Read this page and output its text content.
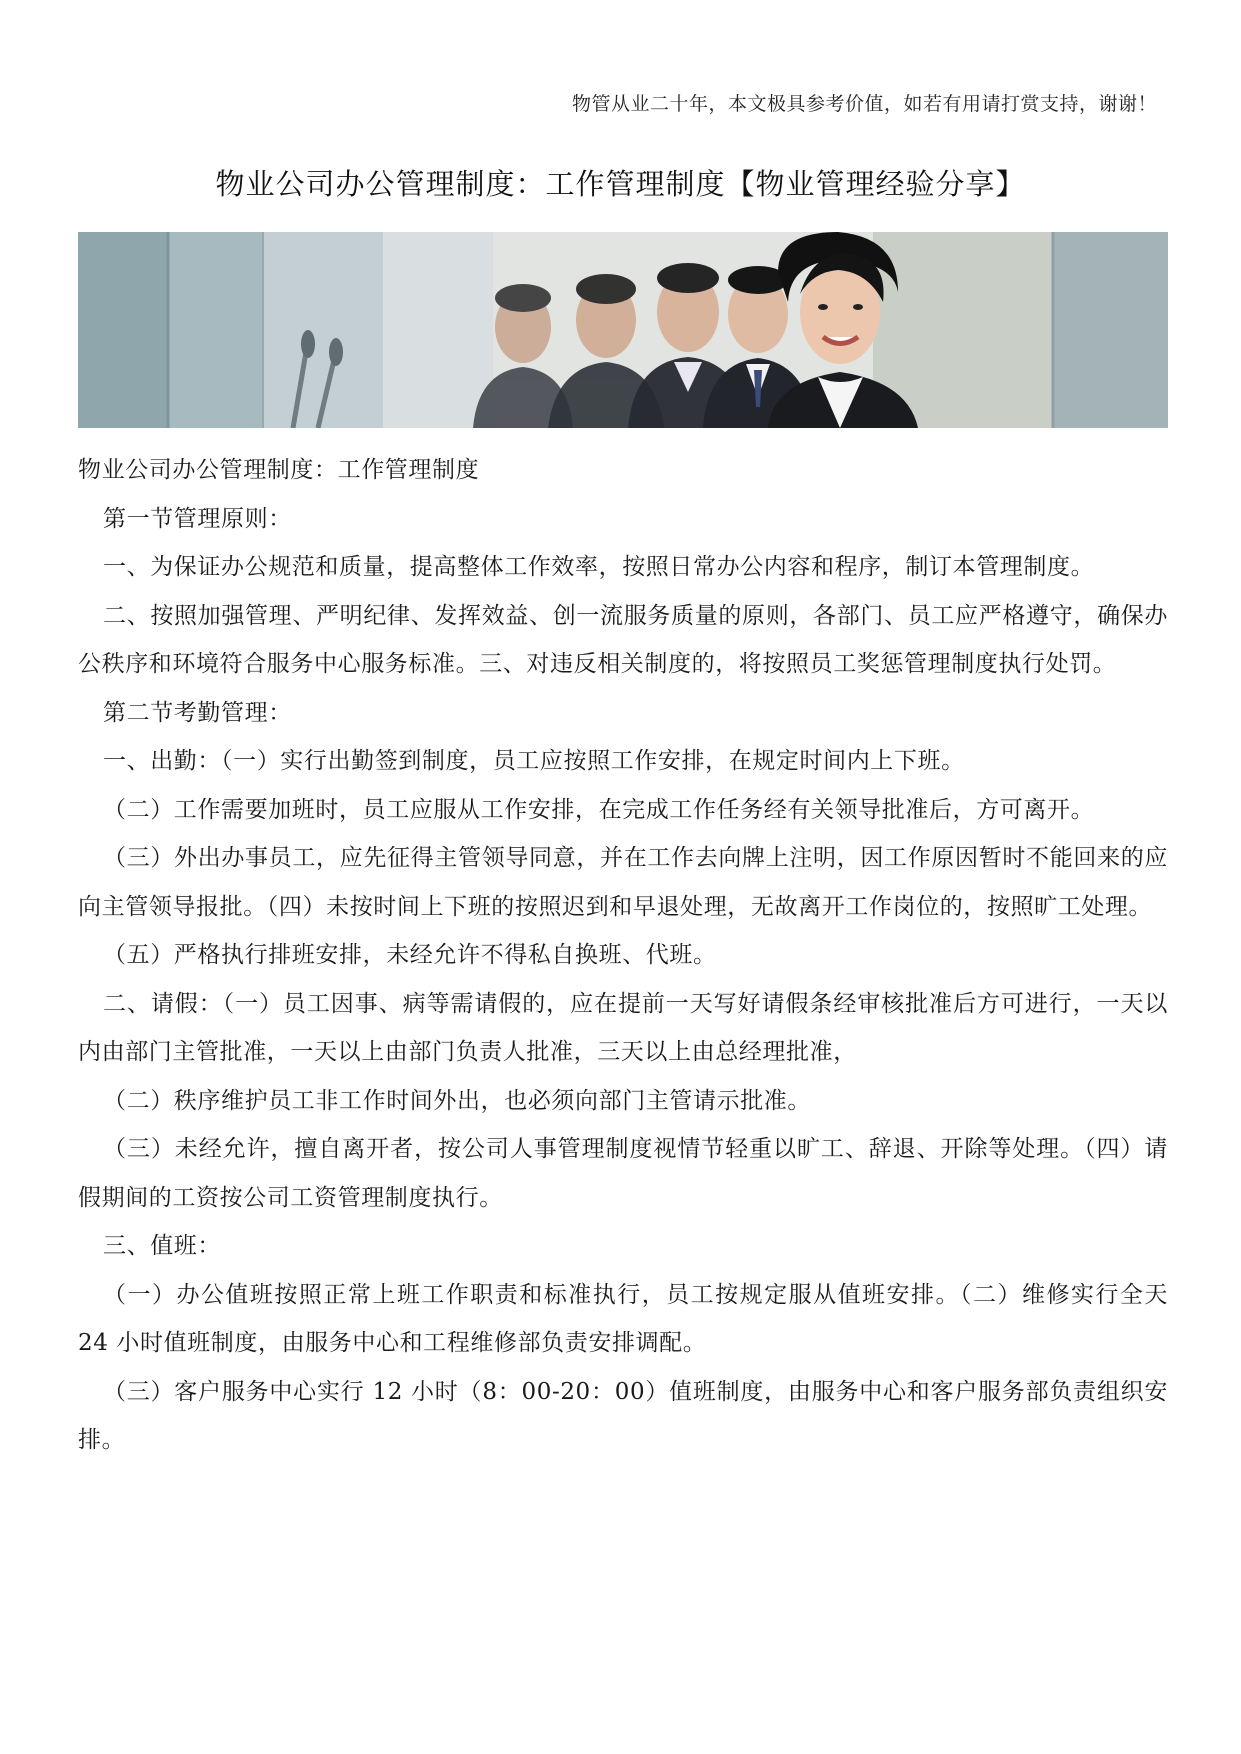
物管从业二十年，本文极具参考价值，如若有用请打赏支持，谢谢！
物业公司办公管理制度：工作管理制度【物业管理经验分享】

物业公司办公管理制度：工作管理制度

第一节管理原则：

一、为保证办公规范和质量，提高整体工作效率，按照日常办公内容和程序，制订本管理制度。

二、按照加强管理、严明纪律、发挥效益、创一流服务质量的原则，各部门、员工应严格遵守，确保办公秩序和环境符合服务中心服务标准。三、对违反相关制度的，将按照员工奖惩管理制度执行处罚。

第二节考勤管理：

一、出勤：（一）实行出勤签到制度，员工应按照工作安排，在规定时间内上下班。

（二）工作需要加班时，员工应服从工作安排，在完成工作任务经有关领导批准后，方可离开。

（三）外出办事员工，应先征得主管领导同意，并在工作去向牌上注明，因工作原因暂时不能回来的应向主管领导报批。（四）未按时间上下班的按照迟到和早退处理，无故离开工作岗位的，按照旷工处理。

（五）严格执行排班安排，未经允许不得私自换班、代班。

二、请假：（一）员工因事、病等需请假的，应在提前一天写好请假条经审核批准后方可进行，一天以内由部门主管批准，一天以上由部门负责人批准，三天以上由总经理批准，

（二）秩序维护员工非工作时间外出，也必须向部门主管请示批准。

（三）未经允许，擅自离开者，按公司人事管理制度视情节轻重以旷工、辞退、开除等处理。（四）请假期间的工资按公司工资管理制度执行。

三、值班：

（一）办公值班按照正常上班工作职责和标准执行，员工按规定服从值班安排。（二）维修实行全天 24 小时值班制度，由服务中心和工程维修部负责安排调配。

（三）客户服务中心实行 12 小时（8：00-20：00）值班制度，由服务中心和客户服务部负责组织安排。
